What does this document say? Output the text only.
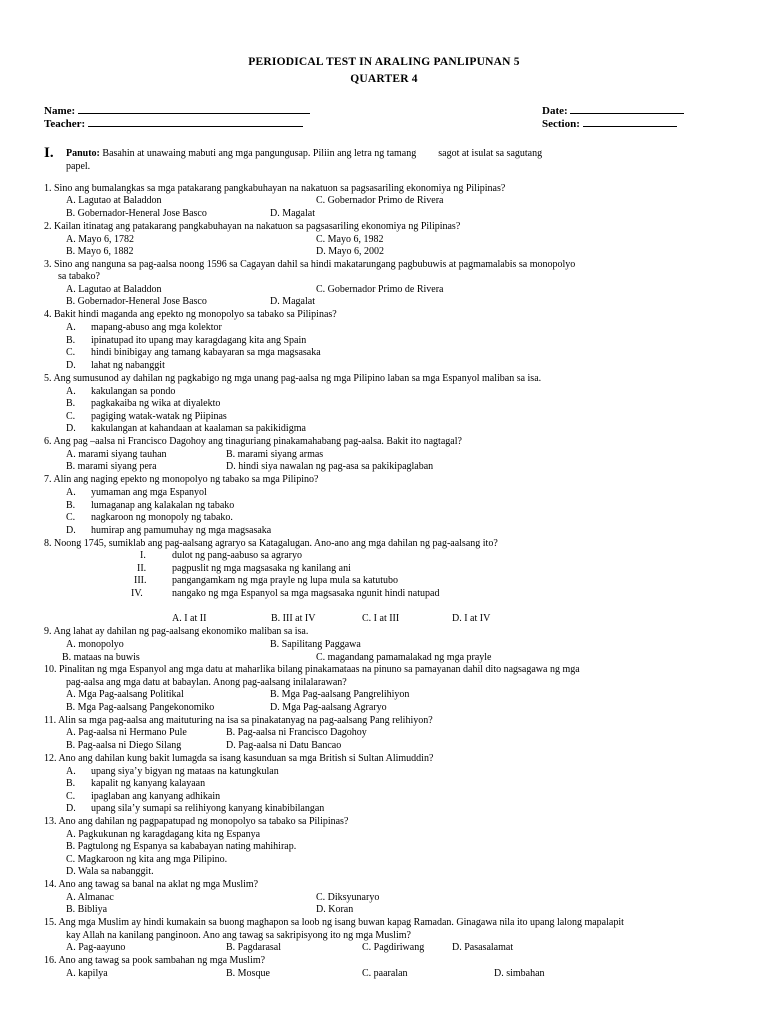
PERIODICAL TEST IN ARALING PANLIPUNAN 5
QUARTER 4
Name:
Teacher:
Date:
Section:
I. Panuto: Basahin at unawaing mabuti ang mga pangungusap. Piliin ang letra ng tamang sagot at isulat sa sagutang
papel.
1. Sino ang bumalangkas sa mga patakarang pangkabuhayan na nakatuon sa pagsasariling ekonomiya ng Pilipinas?
A. Lagutao at Baladdon	C. Gobernador Primo de Rivera
B. Gobernador-Heneral Jose Basco	D. Magalat
2. Kailan itinatag ang patakarang pangkabuhayan na nakatuon sa pagsasariling ekonomiya ng Pilipinas?
A. Mayo 6, 1782	C. Mayo 6, 1982
B. Mayo 6, 1882	D. Mayo 6, 2002
3. Sino ang nanguna sa pag-aalsa noong 1596 sa Cagayan dahil sa hindi makatarungang pagbubuwis at pagmamalabis sa monopolyo
sa tabako?
A. Lagutao at Baladdon	C. Gobernador Primo de Rivera
B. Gobernador-Heneral Jose Basco	D. Magalat
4. Bakit hindi maganda ang epekto ng monopolyo sa tabako sa Pilipinas?
A. mapang-abuso ang mga kolektor
B. ipinatupad ito upang may karagdagang kita ang Spain
C. hindi binibigay ang tamang kabayaran sa mga magsasaka
D. lahat ng nabanggit
5. Ang sumusunod ay dahilan ng pagkabigo ng mga unang pag-aalsa ng mga Pilipino laban sa mga Espanyol maliban sa isa.
A. kakulangan sa pondo
B. pagkakaiba ng wika at diyalekto
C. pagiging watak-watak ng Piipinas
D. kakulangan at kahandaan at kaalaman sa pakikidigma
6. Ang pag –aalsa ni Francisco Dagohoy ang tinaguriang pinakamahabang pag-aalsa. Bakit ito nagtagal?
A. marami siyang tauhan	B. marami siyang armas
B. marami siyang pera	D. hindi siya nawalan ng pag-asa sa pakikipaglaban
7. Alin ang naging epekto ng monopolyo ng tabako sa mga Pilipino?
A. yumaman ang mga Espanyol
B. lumaganap ang kalakalan ng tabako
C. nagkaroon ng monopoly ng tabako.
D. humirap ang pamumuhay ng mga magsasaka
8. Noong 1745, sumiklab ang pag-aalsang agraryo sa Katagalugan. Ano-ano ang mga dahilan ng pag-aalsang ito?
I.	dulot ng pang-aabuso sa agraryo
II.	pagpuslit ng mga magsasaka ng kanilang ani
III.	pangangamkam ng mga prayle ng lupa mula sa katutubo
IV.	nangako ng mga Espanyol sa mga magsasaka ngunit hindi natupad
A. I at II	B. III at IV	C. I at III	D. I at IV
9. Ang lahat ay dahilan ng pag-aalsang ekonomiko maliban sa isa.
A. monopolyo	B. Sapilitang Paggawa
B. mataas na buwis	C. magandang pamamalakad ng mga prayle
10. Pinalitan ng mga Espanyol ang mga datu at maharlika bilang pinakamataas na pinuno sa pamayanan dahil dito nagsagawa ng mga
pag-aalsa ang mga datu at babaylan. Anong pag-aalsang inilalarawan?
A. Mga Pag-aalsang Politikal	B. Mga Pag-aalsang Pangrelihiyon
B. Mga Pag-aalsang Pangekonomiko	D. Mga Pag-aalsang Agraryo
11. Alin sa mga pag-aalsa ang maituturing na isa sa pinakatanyag na pag-aalsang Pang relihiyon?
A. Pag-aalsa ni Hermano Pule	B. Pag-aalsa ni Francisco Dagohoy
B. Pag-aalsa ni Diego Silang	D. Pag-aalsa ni Datu Bancao
12. Ano ang dahilan kung bakit lumagda sa isang kasunduan sa mga British si Sultan Alimuddin?
A. upang siya’y bigyan ng mataas na katungkulan
B. kapalit ng kanyang kalayaan
C. ipaglaban ang kanyang adhikain
D. upang sila’y sumapi sa relihiyong kanyang kinabibilangan
13. Ano ang dahilan ng pagpapatupad ng monopolyo sa tabako sa Pilipinas?
A. Pagkukunan ng karagdagang kita ng Espanya
B. Pagtulong ng Espanya sa kababayan nating mahihirap.
C. Magkaroon ng kita ang mga Pilipino.
D. Wala sa nabanggit.
14. Ano ang tawag sa banal na aklat ng mga Muslim?
A. Almanac	C. Diksyunaryo
B. Bibliya	D. Koran
15. Ang mga Muslim ay hindi kumakain sa buong maghapon sa loob ng isang buwan kapag Ramadan. Ginagawa nila ito upang lalong mapalapit
kay Allah na kanilang panginoon. Ano ang tawag sa sakripisyong ito ng mga Muslim?
A. Pag-aayuno	B. Pagdarasal	C. Pagdiriwang	D. Pasasalamat
16. Ano ang tawag sa pook sambahan ng mga Muslim?
A. kapilya	B. Mosque	C. paaralan	D. simbahan
